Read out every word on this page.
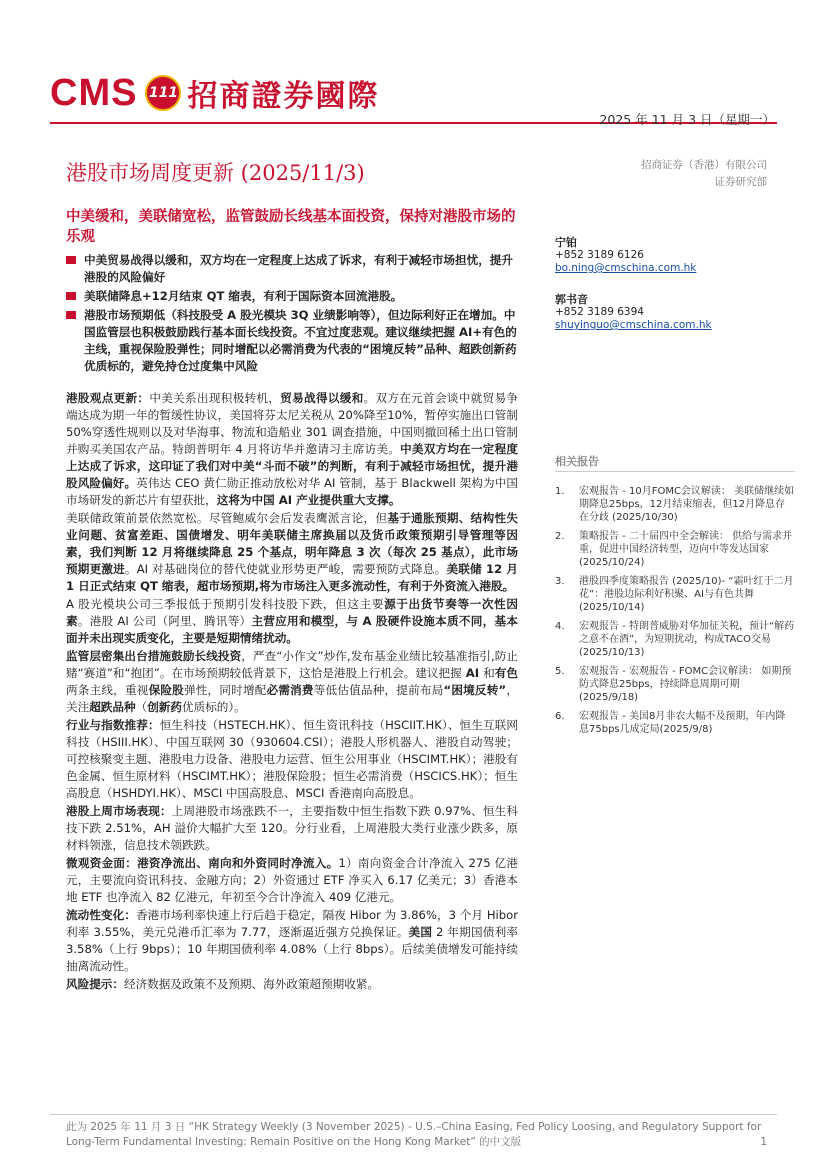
CMS 111 招商證券國際
2025 年 11 月 3 日（星期一）
港股市场周度更新 (2025/11/3)	招商证券（香港）有限公司
证券研究部
中美缓和，美联储宽松，监管鼓励长线基本面投资，保持对港股市场的乐观
中美贸易战得以缓和，双方均在一定程度上达成了诉求，有利于减轻市场担忧，提升港股的风险偏好
美联储降息+12月结束 QT 缩表，有利于国际资本回流港股。
港股市场预期低（科技股受 A 股光模块 3Q 业绩影响等），但边际利好正在增加。中国监管层也积极鼓励践行基本面长线投资。不宜过度悲观。建议继续把握 AI+有色的主线，重视保险股弹性；同时增配以必需消费为代表的“困境反转”品种、超跌创新药优质标的，避免持仓过度集中风险
宁铂
+852 3189 6126
bo.ning@cmschina.com.hk
郭书音
+852 3189 6394
shuyinguo@cmschina.com.hk
相关报告
1.	宏观报告 - 10月FOMC会议解读： 美联储继续如期降息25bps，12月结束缩表，但12月降息存在分歧 (2025/10/30)
2.	策略报告 - 二十届四中全会解读： 供给与需求并重，促进中国经济转型，迈向中等发达国家 (2025/10/24)
3.	港股四季度策略报告 (2025/10)- “霜叶红于二月花”：港股边际利好积聚、AI与有色共舞 (2025/10/14)
4.	宏观报告 - 特朗普威胁对华加征关税，预计“解药之意不在酒”，为短期扰动，构成TACO交易 (2025/10/13)
5.	宏观报告 - 宏观报告 - FOMC会议解读： 如期预防式降息25bps，持续降息周期可期 (2025/9/18)
6.	宏观报告 - 美国8月非农大幅不及预期，年内降息75bps几成定局(2025/9/8)

港股观点更新：中美关系出现积极转机，贸易战得以缓和。双方在元首会谈中就贸易争端达成为期一年的暂缓性协议，美国将芬太尼关税从 20%降至10%，暂停实施出口管制50%穿透性规则以及对华海事、物流和造船业 301 调查措施，中国则撤回稀土出口管制并购买美国农产品。特朗普明年 4 月将访华并邀请习主席访美。中美双方均在一定程度上达成了诉求，这印证了我们对中美“斗而不破”的判断，有利于减轻市场担忧，提升港股风险偏好。英伟达 CEO 黄仁勋正推动放松对华 AI 管制，基于 Blackwell 架构为中国市场研发的新芯片有望获批，这将为中国 AI 产业提供重大支撑。

美联储政策前景依然宽松。尽管鲍威尔会后发表鹰派言论，但基于通胀预期、结构性失业问题、贫富差距、国债增发、明年美联储主席换届以及货币政策预期引导管理等因素，我们判断 12 月将继续降息 25 个基点，明年降息 3 次（每次 25 基点），此市场预期更激进。AI 对基础岗位的替代使就业形势更严峻，需要预防式降息。美联储 12 月 1 日正式结束 QT 缩表，超市场预期,将为市场注入更多流动性，有利于外资流入港股。

A 股光模块公司三季报低于预期引发科技股下跌，但这主要源于出货节奏等一次性因素。港股 AI 公司（阿里、腾讯等）主营应用和模型，与 A 股硬件设施本质不同，基本面并未出现实质变化，主要是短期情绪扰动。

监管层密集出台措施鼓励长线投资，严查“小作文”炒作,发布基金业绩比较基准指引,防止赌“赛道”和“抱团”。在市场预期较低背景下，这恰是港股上行机会。建议把握 AI 和有色两条主线，重视保险股弹性，同时增配必需消费等低估值品种，提前布局“困境反转”，关注超跌品种（创新药优质标的）。

行业与指数推荐：恒生科技（HSTECH.HK）、恒生资讯科技（HSCIIT.HK）、恒生互联网科技（HSIII.HK）、中国互联网 30（930604.CSI）；港股人形机器人、港股自动驾驶；可控核聚变主题、港股电力设备、港股电力运营、恒生公用事业（HSCIMT.HK）；港股有色金属、恒生原材料（HSCIMT.HK）；港股保险股；恒生必需消费（HSCICS.HK）；恒生高股息（HSHDYI.HK）、MSCI 中国高股息、MSCI 香港南向高股息。

港股上周市场表现：上周港股市场涨跌不一，主要指数中恒生指数下跌 0.97%、恒生科技下跌 2.51%，AH 溢价大幅扩大至 120。分行业看，上周港股大类行业涨少跌多，原材料领涨，信息技术领跌跌。

微观资金面：港资净流出、南向和外资同时净流入。1）南向资金合计净流入 275 亿港元，主要流向资讯科技、金融方向；2）外资通过 ETF 净买入 6.17 亿美元；3）香港本地 ETF 也净流入 82 亿港元，年初至今合计净流入 409 亿港元。

流动性变化：香港市场利率快速上行后趋于稳定，隔夜 Hibor 为 3.86%，3 个月 Hibor 利率 3.55%，美元兑港币汇率为 7.77，逐渐逼近强方兑换保证。美国 2 年期国债利率 3.58%（上行 9bps）；10 年期国债利率 4.08%（上行 8bps）。后续美债增发可能持续抽离流动性。

风险提示：经济数据及政策不及预期、海外政策超预期收紧。

此为 2025 年 11 月 3 日 “HK Strategy Weekly (3 November 2025) - U.S.–China Easing, Fed Policy Loosing, and Regulatory Support for Long-Term Fundamental Investing: Remain Positive on the Hong Kong Market” 的中文版	1
